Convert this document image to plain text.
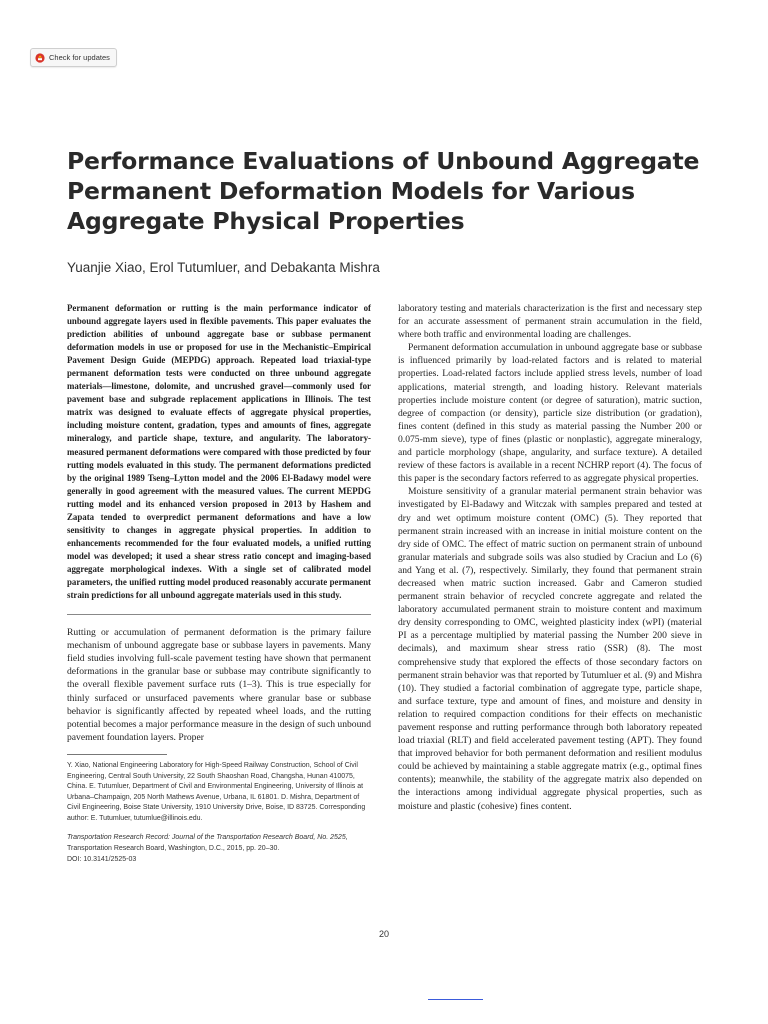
Check for updates
Performance Evaluations of Unbound Aggregate Permanent Deformation Models for Various Aggregate Physical Properties
Yuanjie Xiao, Erol Tutumluer, and Debakanta Mishra

Permanent deformation or rutting is the main performance indicator of unbound aggregate layers used in flexible pavements. This paper evaluates the prediction abilities of unbound aggregate base or subbase permanent deformation models in use or proposed for use in the Mechanistic–Empirical Pavement Design Guide (MEPDG) approach. Repeated load triaxial-type permanent deformation tests were conducted on three unbound aggregate materials—limestone, dolomite, and uncrushed gravel—commonly used for pavement base and subgrade replacement applications in Illinois. The test matrix was designed to evaluate effects of aggregate physical properties, including moisture content, gradation, types and amounts of fines, aggregate mineralogy, and particle shape, texture, and angularity. The laboratory-measured permanent deformations were compared with those predicted by four rutting models evaluated in this study. The permanent deformations predicted by the original 1989 Tseng–Lytton model and the 2006 El-Badawy model were generally in good agreement with the measured values. The current MEPDG rutting model and its enhanced version proposed in 2013 by Hashem and Zapata tended to overpredict permanent deformations and have a low sensitivity to changes in aggregate physical properties. In addition to enhancements recommended for the four evaluated models, a unified rutting model was developed; it used a shear stress ratio concept and imaging-based aggregate morphological indexes. With a single set of calibrated model parameters, the unified rutting model produced reasonably accurate permanent strain predictions for all unbound aggregate materials used in this study.

Rutting or accumulation of permanent deformation is the primary failure mechanism of unbound aggregate base or subbase layers in pavements. Many field studies involving full-scale pavement testing have shown that permanent deformations in the granular base or subbase may contribute significantly to the overall flexible pavement surface ruts (1–3). This is true especially for thinly surfaced or unsurfaced pavements where granular base or subbase behavior is significantly affected by repeated wheel loads, and the rutting potential becomes a major performance measure in the design of such unbound pavement foundation layers. Proper

Y. Xiao, National Engineering Laboratory for High-Speed Railway Construction, School of Civil Engineering, Central South University, 22 South Shaoshan Road, Changsha, Hunan 410075, China. E. Tutumluer, Department of Civil and Environmental Engineering, University of Illinois at Urbana–Champaign, 205 North Mathews Avenue, Urbana, IL 61801. D. Mishra, Department of Civil Engineering, Boise State University, 1910 University Drive, Boise, ID 83725. Corresponding author: E. Tutumluer, tutumlue@illinois.edu.

Transportation Research Record: Journal of the Transportation Research Board, No. 2525, Transportation Research Board, Washington, D.C., 2015, pp. 20–30.
DOI: 10.3141/2525-03

laboratory testing and materials characterization is the first and necessary step for an accurate assessment of permanent strain accumulation in the field, where both traffic and environmental loading are challenges.

Permanent deformation accumulation in unbound aggregate base or subbase is influenced primarily by load-related factors and is related to material properties. Load-related factors include applied stress levels, number of load applications, material strength, and loading history. Relevant materials properties include moisture content (or degree of saturation), matric suction, degree of compaction (or density), particle size distribution (or gradation), fines content (defined in this study as material passing the Number 200 or 0.075-mm sieve), type of fines (plastic or nonplastic), aggregate mineralogy, and particle morphology (shape, angularity, and surface texture). A detailed review of these factors is available in a recent NCHRP report (4). The focus of this paper is the secondary factors referred to as aggregate physical properties.

Moisture sensitivity of a granular material permanent strain behavior was investigated by El-Badawy and Witczak with samples prepared and tested at dry and wet optimum moisture content (OMC) (5). They reported that permanent strain increased with an increase in initial moisture content on the dry side of OMC. The effect of matric suction on permanent strain of unbound granular materials and subgrade soils was also studied by Craciun and Lo (6) and Yang et al. (7), respectively. Similarly, they found that permanent strain decreased when matric suction increased. Gabr and Cameron studied permanent strain behavior of recycled concrete aggregate and related the laboratory accumulated permanent strain to moisture content and maximum dry density corresponding to OMC, weighted plasticity index (wPI) (material PI as a percentage multiplied by material passing the Number 200 sieve in decimals), and maximum shear stress ratio (SSR) (8). The most comprehensive study that explored the effects of those secondary factors on permanent strain behavior was that reported by Tutumluer et al. (9) and Mishra (10). They studied a factorial combination of aggregate type, particle shape, and surface texture, type and amount of fines, and moisture and density in relation to required compaction conditions for their effects on mechanistic pavement response and rutting performance through both laboratory repeated load triaxial (RLT) and field accelerated pavement testing (APT). They found that improved behavior for both permanent deformation and resilient modulus could be achieved by maintaining a stable aggregate matrix (e.g., optimal fines contents); meanwhile, the stability of the aggregate matrix also depended on the interactions among individual aggregate physical properties, such as moisture and plastic (cohesive) fines content.

20
